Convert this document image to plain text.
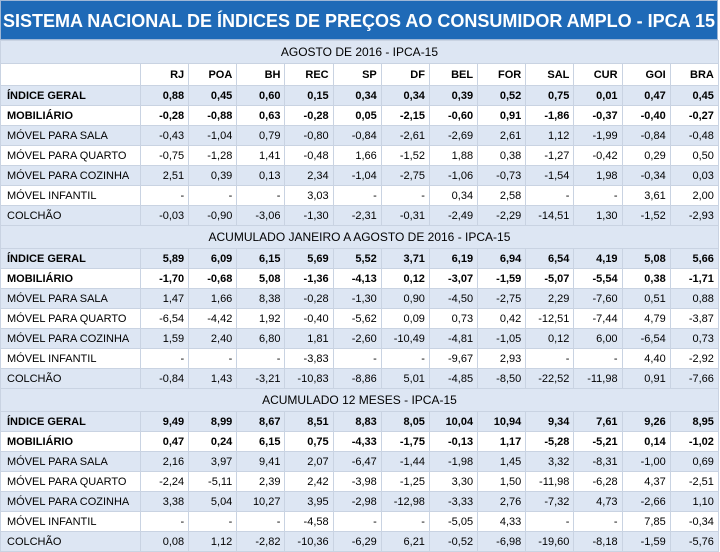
SISTEMA NACIONAL DE ÍNDICES DE PREÇOS AO CONSUMIDOR AMPLO - IPCA 15
AGOSTO DE 2016 - IPCA-15												
	RJ	POA	BH	REC	SP	DF	BEL	FOR	SAL	CUR	GOI	BRA
ÍNDICE GERAL	0,88	0,45	0,60	0,15	0,34	0,34	0,39	0,52	0,75	0,01	0,47	0,45
MOBILIÁRIO	-0,28	-0,88	0,63	-0,28	0,05	-2,15	-0,60	0,91	-1,86	-0,37	-0,40	-0,27
MÓVEL PARA SALA	-0,43	-1,04	0,79	-0,80	-0,84	-2,61	-2,69	2,61	1,12	-1,99	-0,84	-0,48
MÓVEL PARA QUARTO	-0,75	-1,28	1,41	-0,48	1,66	-1,52	1,88	0,38	-1,27	-0,42	0,29	0,50
MÓVEL PARA COZINHA	2,51	0,39	0,13	2,34	-1,04	-2,75	-1,06	-0,73	-1,54	1,98	-0,34	0,03
MÓVEL INFANTIL	-	-	-	3,03	-	-	0,34	2,58	-	-	3,61	2,00
COLCHÃO	-0,03	-0,90	-3,06	-1,30	-2,31	-0,31	-2,49	-2,29	-14,51	1,30	-1,52	-2,93
ACUMULADO JANEIRO A AGOSTO DE 2016 - IPCA-15												
ÍNDICE GERAL	5,89	6,09	6,15	5,69	5,52	3,71	6,19	6,94	6,54	4,19	5,08	5,66
MOBILIÁRIO	-1,70	-0,68	5,08	-1,36	-4,13	0,12	-3,07	-1,59	-5,07	-5,54	0,38	-1,71
MÓVEL PARA SALA	1,47	1,66	8,38	-0,28	-1,30	0,90	-4,50	-2,75	2,29	-7,60	0,51	0,88
MÓVEL PARA QUARTO	-6,54	-4,42	1,92	-0,40	-5,62	0,09	0,73	0,42	-12,51	-7,44	4,79	-3,87
MÓVEL PARA COZINHA	1,59	2,40	6,80	1,81	-2,60	-10,49	-4,81	-1,05	0,12	6,00	-6,54	0,73
MÓVEL INFANTIL	-	-	-	-3,83	-	-	-9,67	2,93	-	-	4,40	-2,92
COLCHÃO	-0,84	1,43	-3,21	-10,83	-8,86	5,01	-4,85	-8,50	-22,52	-11,98	0,91	-7,66
ACUMULADO 12 MESES - IPCA-15												
ÍNDICE GERAL	9,49	8,99	8,67	8,51	8,83	8,05	10,04	10,94	9,34	7,61	9,26	8,95
MOBILIÁRIO	0,47	0,24	6,15	0,75	-4,33	-1,75	-0,13	1,17	-5,28	-5,21	0,14	-1,02
MÓVEL PARA SALA	2,16	3,97	9,41	2,07	-6,47	-1,44	-1,98	1,45	3,32	-8,31	-1,00	0,69
MÓVEL PARA QUARTO	-2,24	-5,11	2,39	2,42	-3,98	-1,25	3,30	1,50	-11,98	-6,28	4,37	-2,51
MÓVEL PARA COZINHA	3,38	5,04	10,27	3,95	-2,98	-12,98	-3,33	2,76	-7,32	4,73	-2,66	1,10
MÓVEL INFANTIL	-	-	-	-4,58	-	-	-5,05	4,33	-	-	7,85	-0,34
COLCHÃO	0,08	1,12	-2,82	-10,36	-6,29	6,21	-0,52	-6,98	-19,60	-8,18	-1,59	-5,76
